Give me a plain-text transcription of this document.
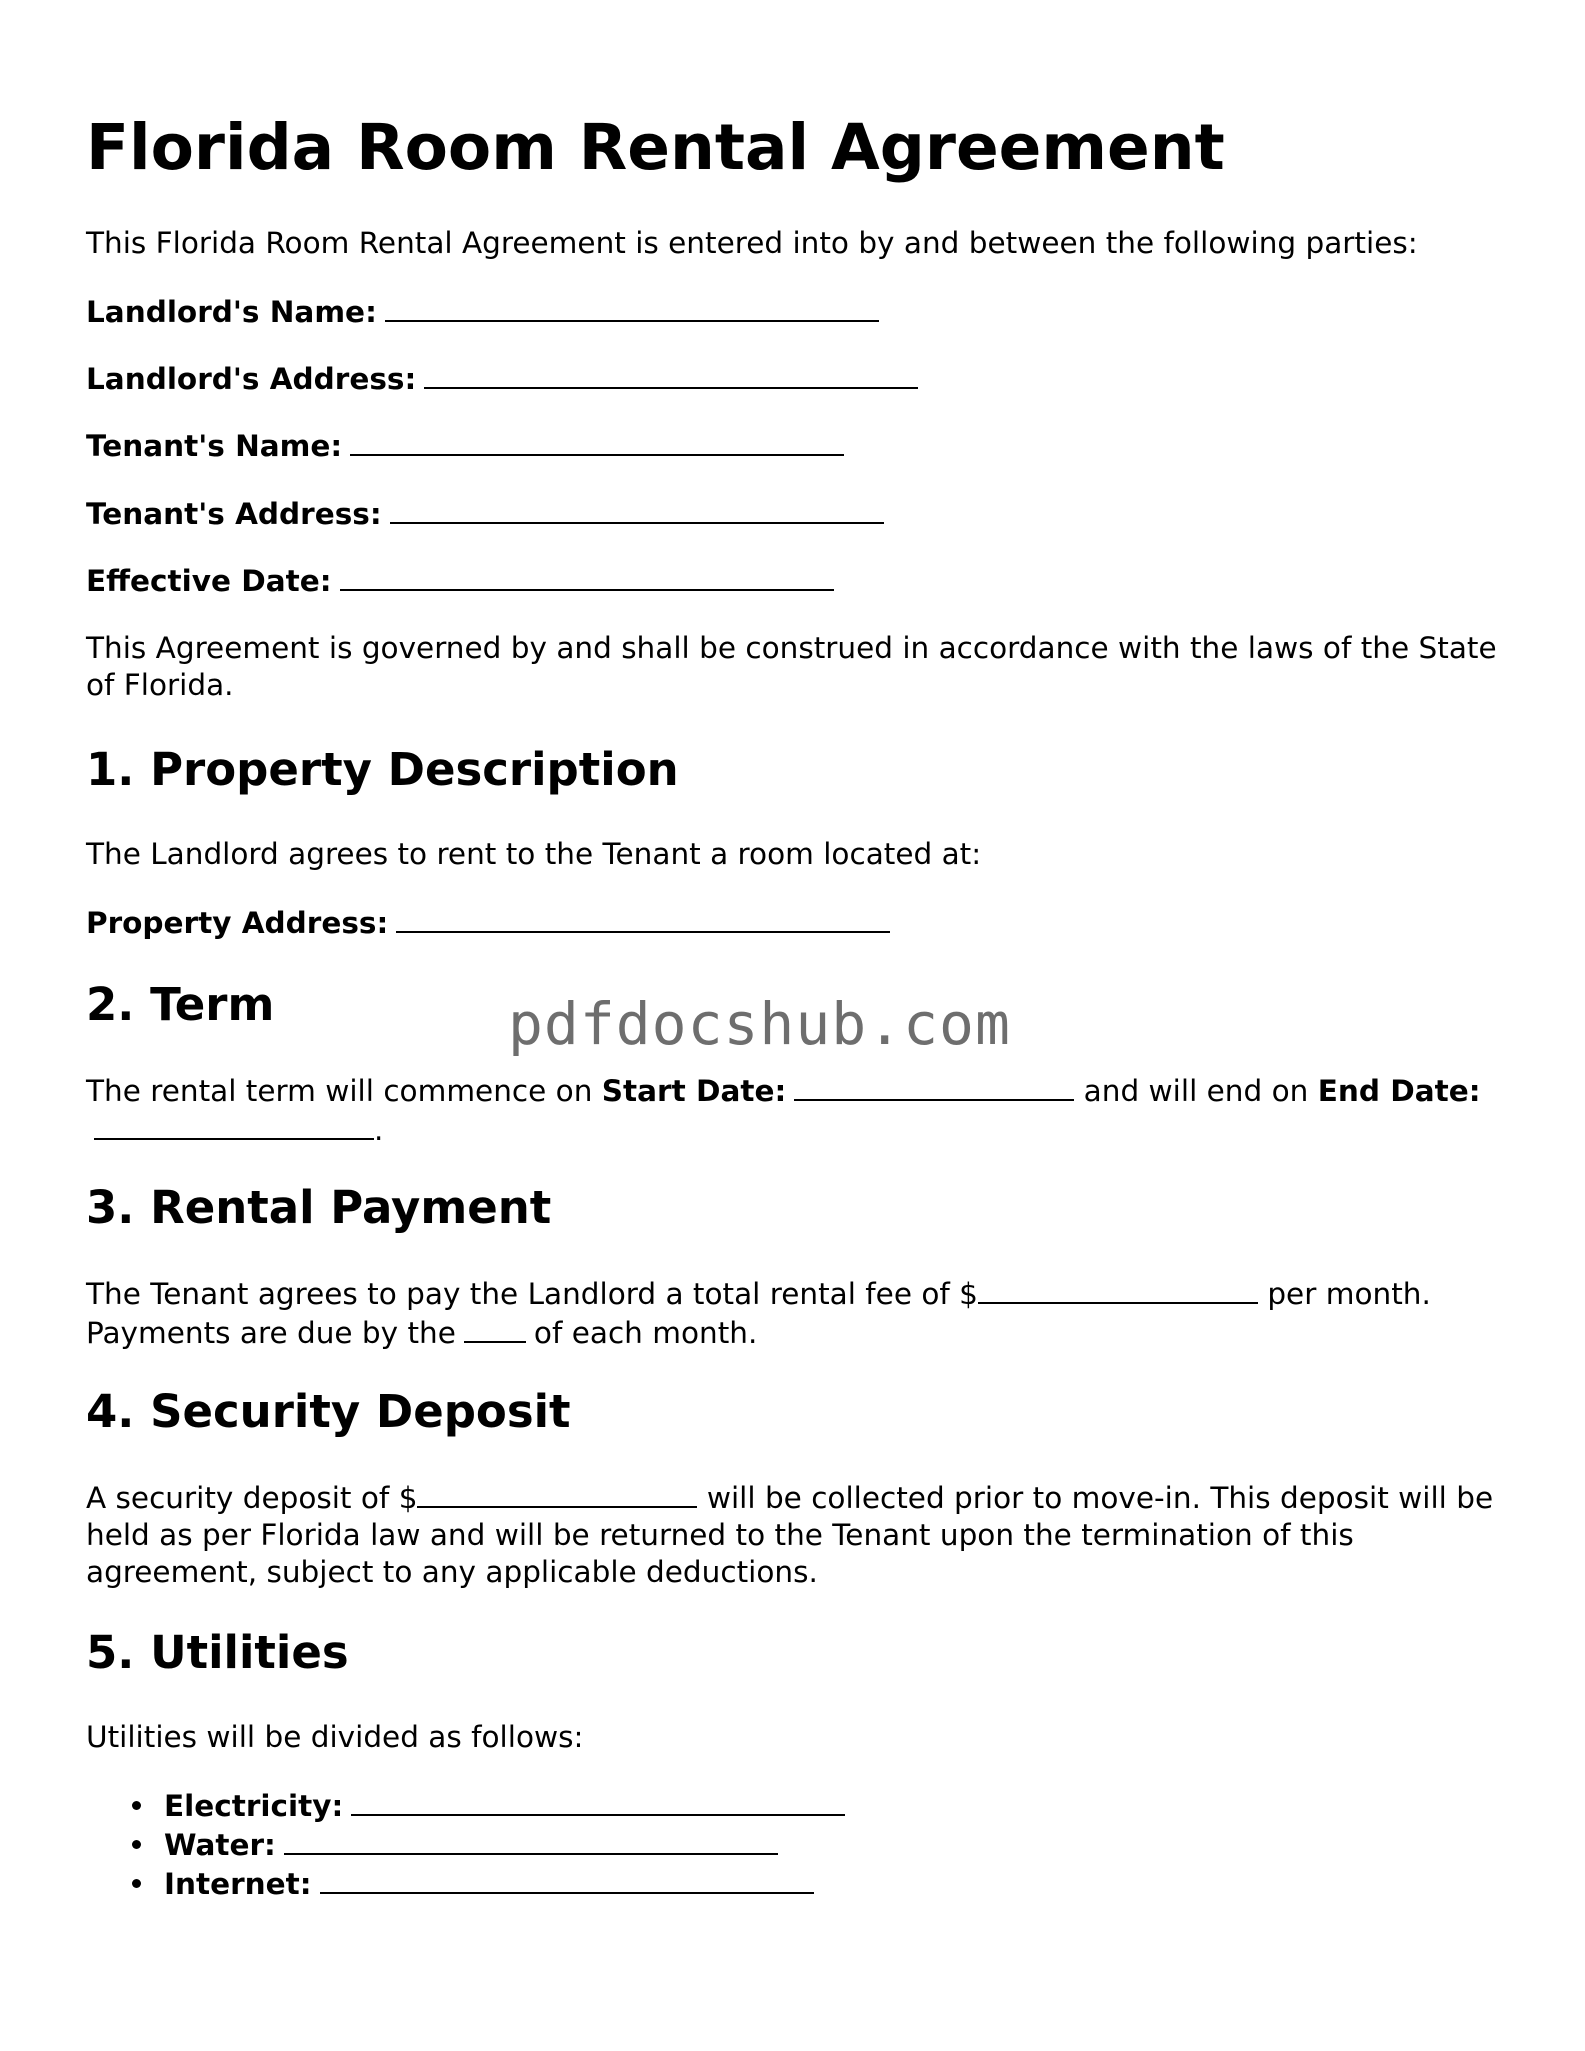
Florida Room Rental Agreement

This Florida Room Rental Agreement is entered into by and between the following parties:

Landlord's Name:

Landlord's Address:

Tenant's Name:

Tenant's Address:

Effective Date:

This Agreement is governed by and shall be construed in accordance with the laws of the State of Florida.

1. Property Description

The Landlord agrees to rent to the Tenant a room located at:

Property Address:

2. Term

The rental term will commence on Start Date:	and will end on End Date:.

3. Rental Payment

The Tenant agrees to pay the Landlord a total rental fee of $	per month. Payments are due by the	of each month.

4. Security Deposit

A security deposit of $	will be collected prior to move-in. This deposit will be held as per Florida law and will be returned to the Tenant upon the termination of this agreement, subject to any applicable deductions.

5. Utilities

Utilities will be divided as follows:

Electricity:
Water:
Internet:
pdfdocshub.com
